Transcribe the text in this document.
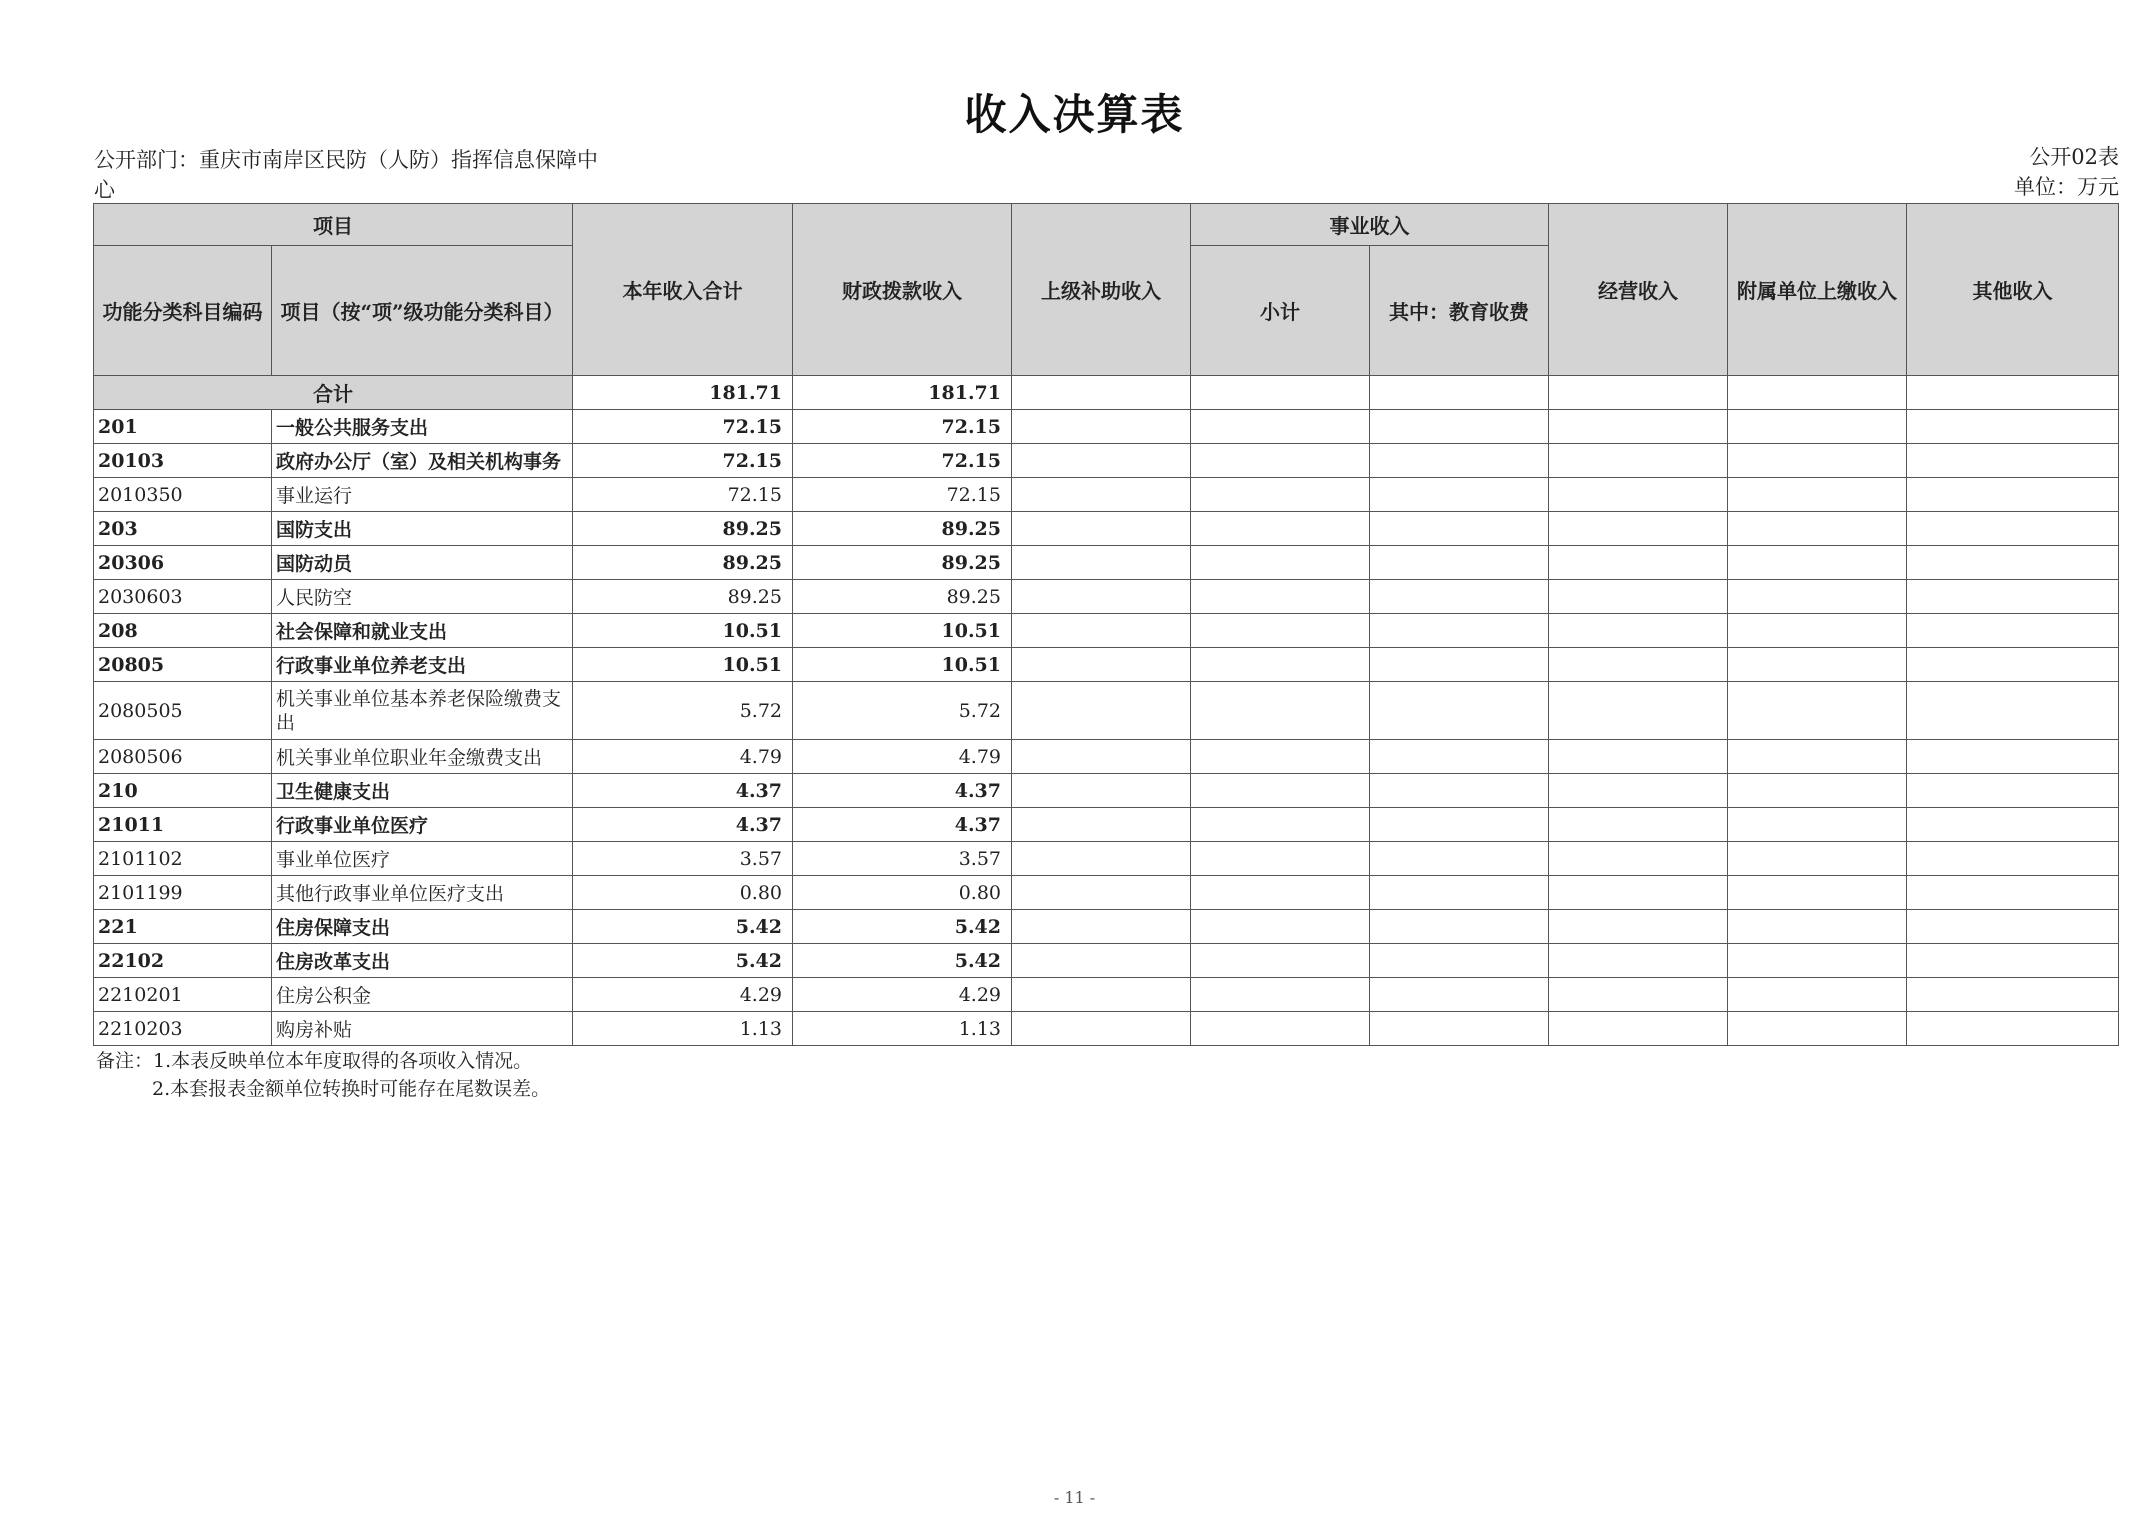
收入决算表
公开部门：重庆市南岸区民防（人防）指挥信息保障中心
公开02表
单位：万元
项目		本年收入合计	财政拨款收入	上级补助收入	事业收入		经营收入	附属单位上缴收入	其他收入
功能分类科目编码	项目（按“项”级功能分类科目）				小计	其中：教育收费			
合计		181.71	181.71						
201	一般公共服务支出	72.15	72.15						
20103	政府办公厅（室）及相关机构事务	72.15	72.15						
2010350	事业运行	72.15	72.15						
203	国防支出	89.25	89.25						
20306	国防动员	89.25	89.25						
2030603	人民防空	89.25	89.25						
208	社会保障和就业支出	10.51	10.51						
20805	行政事业单位养老支出	10.51	10.51						
2080505	机关事业单位基本养老保险缴费支出	5.72	5.72						
2080506	机关事业单位职业年金缴费支出	4.79	4.79						
210	卫生健康支出	4.37	4.37						
21011	行政事业单位医疗	4.37	4.37						
2101102	事业单位医疗	3.57	3.57						
2101199	其他行政事业单位医疗支出	0.80	0.80						
221	住房保障支出	5.42	5.42						
22102	住房改革支出	5.42	5.42						
2210201	住房公积金	4.29	4.29						
2210203	购房补贴	1.13	1.13						
备注：1.本表反映单位本年度取得的各项收入情况。
2.本套报表金额单位转换时可能存在尾数误差。
- 11 -
